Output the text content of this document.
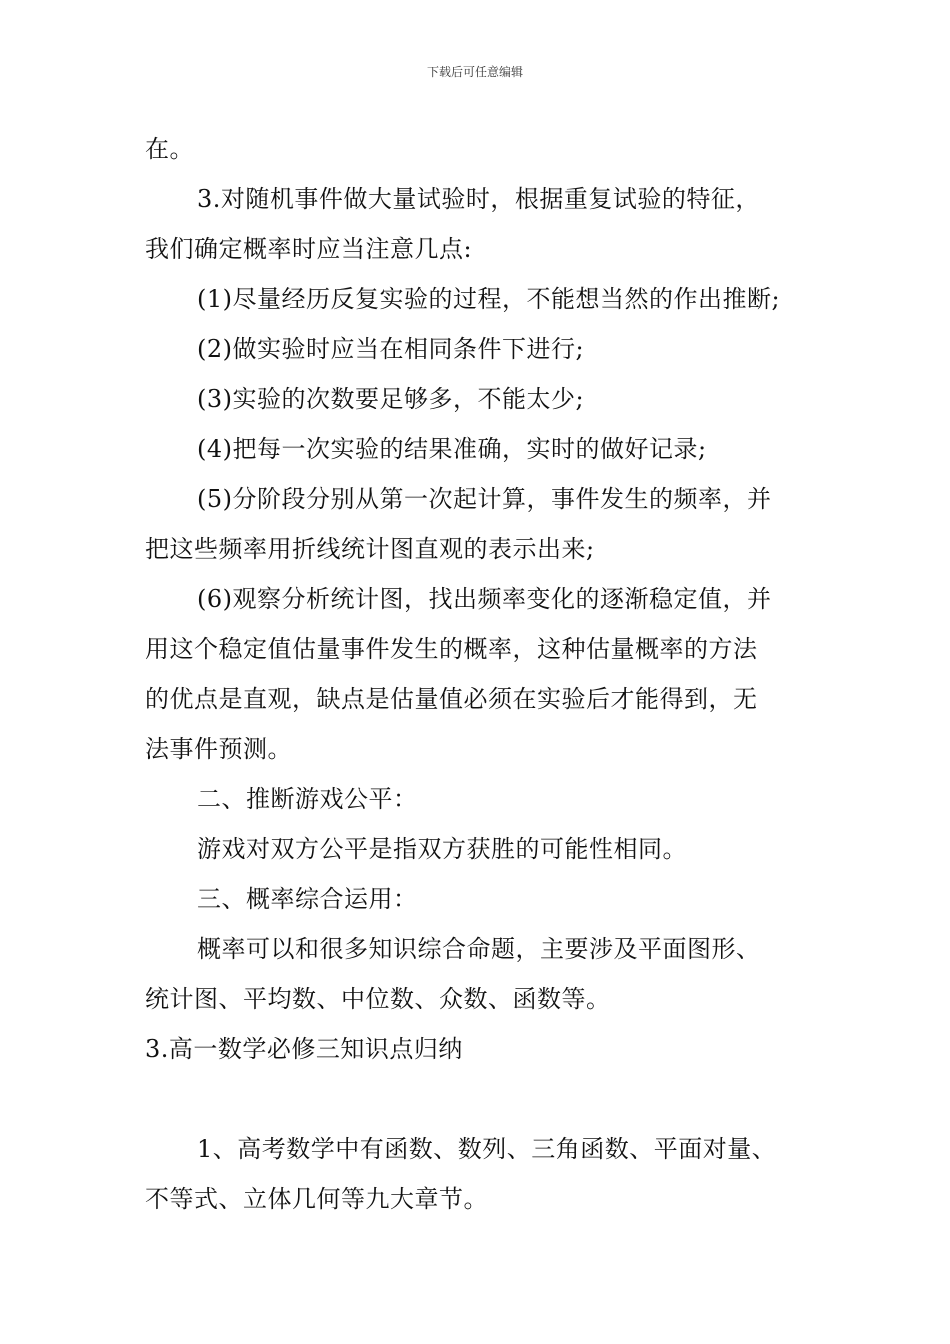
下载后可任意编辑
在。
3.对随机事件做大量试验时，根据重复试验的特征，
我们确定概率时应当注意几点:
(1)尽量经历反复实验的过程，不能想当然的作出推断;
(2)做实验时应当在相同条件下进行;
(3)实验的次数要足够多，不能太少;
(4)把每一次实验的结果准确，实时的做好记录;
(5)分阶段分别从第一次起计算，事件发生的频率，并
把这些频率用折线统计图直观的表示出来;
(6)观察分析统计图，找出频率变化的逐渐稳定值，并
用这个稳定值估量事件发生的概率，这种估量概率的方法
的优点是直观，缺点是估量值必须在实验后才能得到，无
法事件预测。
二、推断游戏公平：
游戏对双方公平是指双方获胜的可能性相同。
三、概率综合运用：
概率可以和很多知识综合命题，主要涉及平面图形、
统计图、平均数、中位数、众数、函数等。
3.高一数学必修三知识点归纳
1、高考数学中有函数、数列、三角函数、平面对量、
不等式、立体几何等九大章节。
